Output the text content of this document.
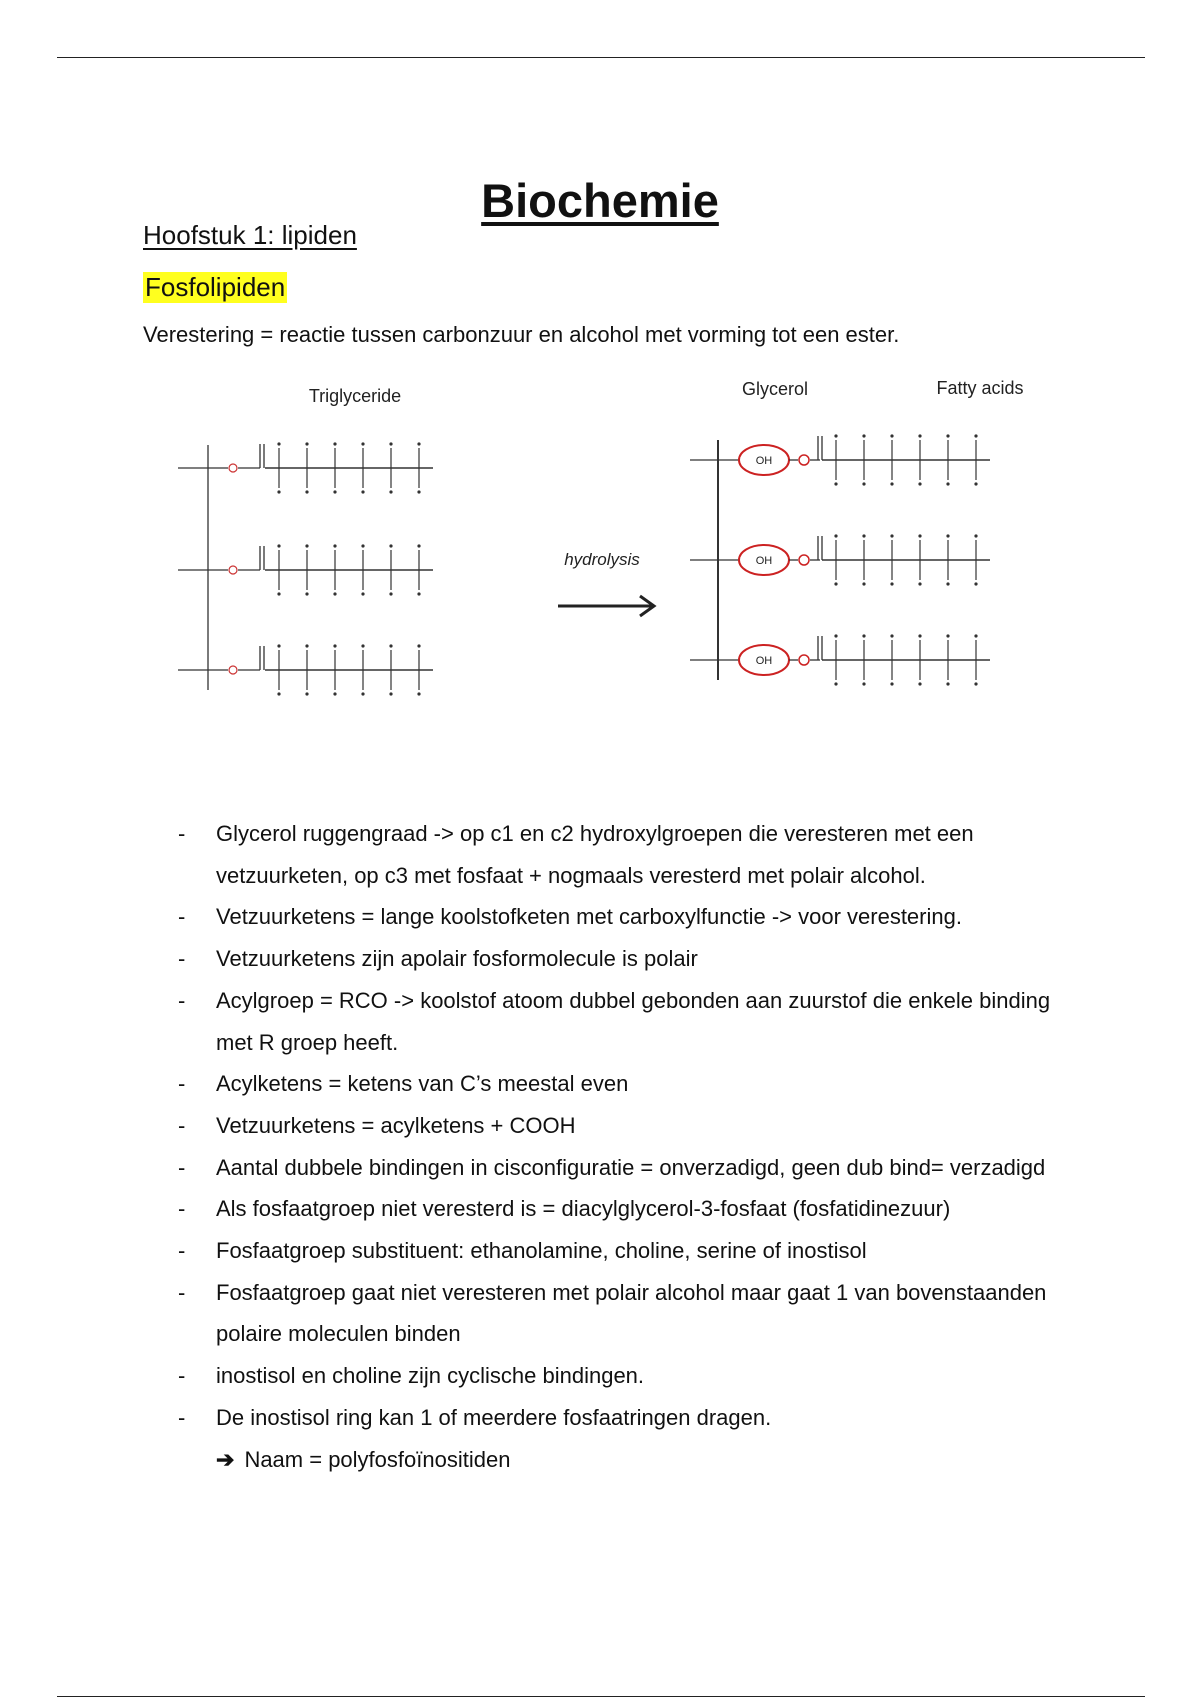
Biochemie
Hoofstuk 1: lipiden
Fosfolipiden
Verestering = reactie tussen carbonzuur en alcohol met vorming tot een ester.
Triglyceride	Glycerol	Fatty acids
hydrolysis
OH
OH
OH
- Glycerol ruggengraad -> op c1 en c2 hydroxylgroepen die veresteren met een vetzuurketen, op c3 met fosfaat + nogmaals veresterd met polair alcohol.
- Vetzuurketens = lange koolstofketen met carboxylfunctie -> voor verestering.
- Vetzuurketens zijn apolair fosformolecule is polair
- Acylgroep = RCO -> koolstof atoom dubbel gebonden aan zuurstof die enkele binding met R groep heeft.
- Acylketens = ketens van C’s meestal even
- Vetzuurketens = acylketens + COOH
- Aantal dubbele bindingen in cisconfiguratie = onverzadigd, geen dub bind= verzadigd
- Als fosfaatgroep niet veresterd is = diacylglycerol-3-fosfaat (fosfatidinezuur)
- Fosfaatgroep substituent: ethanolamine, choline, serine of inostisol
- Fosfaatgroep gaat niet veresteren met polair alcohol maar gaat 1 van bovenstaanden polaire moleculen binden
- inostisol en choline zijn cyclische bindingen.
- De inostisol ring kan 1 of meerdere fosfaatringen dragen.
➔ Naam = polyfosfoïnositiden
